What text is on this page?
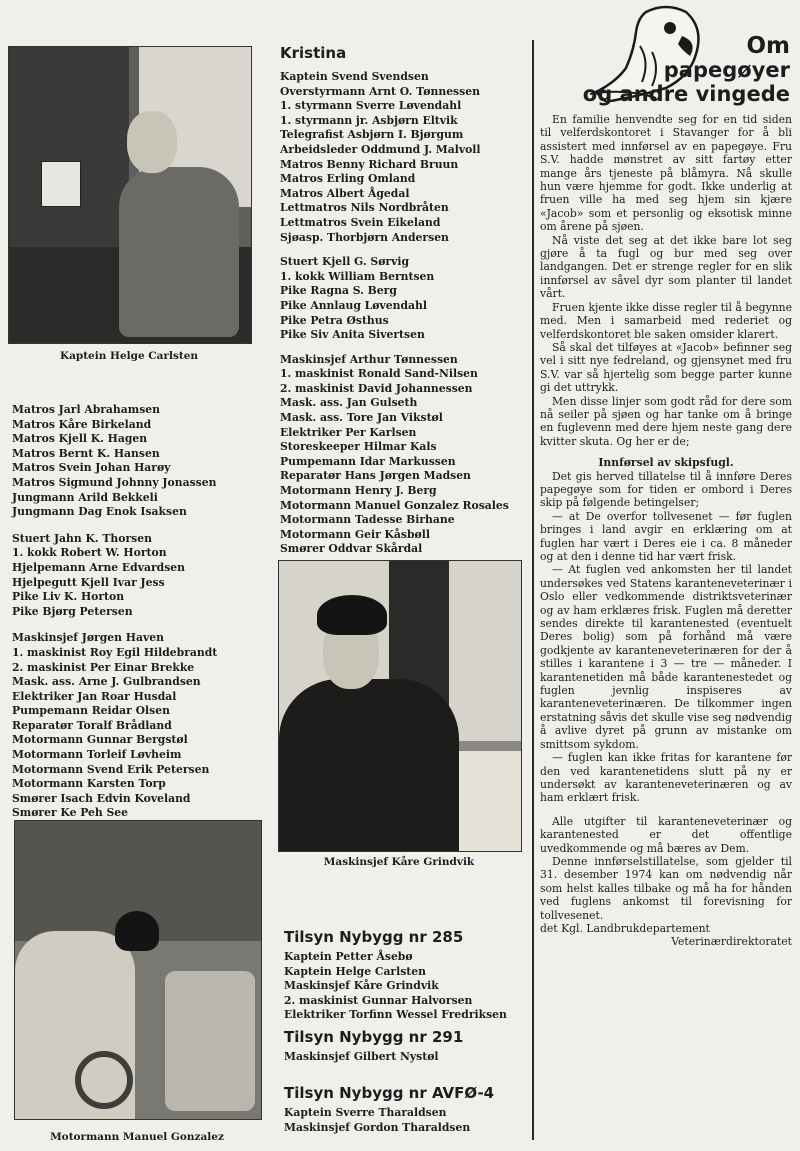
Kaptein Helge Carlsten
Matros Jarl Abrahamsen
Matros Kåre Birkeland
Matros Kjell K. Hagen
Matros Bernt K. Hansen
Matros Svein Johan Harøy
Matros Sigmund Johnny Jonassen
Jungmann Arild Bekkeli
Jungmann Dag Enok Isaksen
Stuert Jahn K. Thorsen
1. kokk Robert W. Horton
Hjelpemann Arne Edvardsen
Hjelpegutt Kjell Ivar Jess
Pike Liv K. Horton
Pike Bjørg Petersen
Maskinsjef Jørgen Haven
1. maskinist Roy Egil Hildebrandt
2. maskinist Per Einar Brekke
Mask. ass. Arne J. Gulbrandsen
Elektriker Jan Roar Husdal
Pumpemann Reidar Olsen
Reparatør Toralf Brådland
Motormann Gunnar Bergstøl
Motormann Torleif Løvheim
Motormann Svend Erik Petersen
Motormann Karsten Torp
Smører Isach Edvin Koveland
Smører Ke Peh See
Motormann Manuel Gonzalez
Kristina
Kaptein Svend Svendsen
Overstyrmann Arnt O. Tønnessen
1. styrmann Sverre Løvendahl
1. styrmann jr. Asbjørn Eltvik
Telegrafist Asbjørn I. Bjørgum
Arbeidsleder Oddmund J. Malvoll
Matros Benny Richard Bruun
Matros Erling Omland
Matros Albert Ågedal
Lettmatros Nils Nordbråten
Lettmatros Svein Eikeland
Sjøasp. Thorbjørn Andersen
Stuert Kjell G. Sørvig
1. kokk William Berntsen
Pike Ragna S. Berg
Pike Annlaug Løvendahl
Pike Petra Østhus
Pike Siv Anita Sivertsen
Maskinsjef Arthur Tønnessen
1. maskinist Ronald Sand-Nilsen
2. maskinist David Johannessen
Mask. ass. Jan Gulseth
Mask. ass. Tore Jan Vikstøl
Elektriker Per Karlsen
Storeskeeper Hilmar Kals
Pumpemann Idar Markussen
Reparatør Hans Jørgen Madsen
Motormann Henry J. Berg
Motormann Manuel Gonzalez Rosales
Motormann Tadesse Birhane
Motormann Geir Kåsbøll
Smører Oddvar Skårdal
Maskinsjef Kåre Grindvik
Tilsyn Nybygg nr 285
Kaptein Petter Åsebø
Kaptein Helge Carlsten
Maskinsjef Kåre Grindvik
2. maskinist Gunnar Halvorsen
Elektriker Torfinn Wessel Fredriksen
Tilsyn Nybygg nr 291
Maskinsjef Gilbert Nystøl
Tilsyn Nybygg nr AVFØ-4
Kaptein Sverre Tharaldsen
Maskinsjef Gordon Tharaldsen
Om
papegøyer
og andre vingede

En familie henvendte seg for en tid siden til velferdskontoret i Stavanger for å bli assistert med innførsel av en papegøye. Fru S.V. hadde mønstret av sitt fartøy etter mange års tjeneste på blåmyra. Nå skulle hun være hjemme for godt. Ikke underlig at fruen ville ha med seg hjem sin kjære «Jacob» som et personlig og eksotisk minne om årene på sjøen.

Nå viste det seg at det ikke bare lot seg gjøre å ta fugl og bur med seg over landgangen. Det er strenge regler for en slik innførsel av såvel dyr som planter til landet vårt.

Fruen kjente ikke disse regler til å begynne med. Men i samarbeid med rederiet og velferdskontoret ble saken omsider klarert.

Så skal det tilføyes at «Jacob» befinner seg vel i sitt nye fedreland, og gjensynet med fru S.V. var så hjertelig som begge parter kunne gi det uttrykk.

Men disse linjer som godt råd for dere som nå seiler på sjøen og har tanke om å bringe en fuglevenn med dere hjem neste gang dere kvitter skuta. Og her er de;

Innførsel av skipsfugl.

Det gis herved tillatelse til å innføre Deres papegøye som for tiden er ombord i Deres skip på følgende betingelser;

— at De overfor tollvesenet — før fuglen bringes i land avgir en erklæring om at fuglen har vært i Deres eie i ca. 8 måneder og at den i denne tid har vært frisk.

— At fuglen ved ankomsten her til landet undersøkes ved Statens karanteneveterinær i Oslo eller vedkommende distriktsveterinær og av ham erklæres frisk. Fuglen må deretter sendes direkte til karantenested (eventuelt Deres bolig) som på forhånd må være godkjente av karanteneveterinæren for der å stilles i karantene i 3 — tre — måneder. I karantenetiden må både karantenestedet og fuglen jevnlig inspiseres av karanteneveterinæren. De tilkommer ingen erstatning såvis det skulle vise seg nødvendig å avlive dyret på grunn av mistanke om smittsom sykdom.

— fuglen kan ikke fritas for karantene før den ved karantenetidens slutt på ny er undersøkt av karanteneveterinæren og av ham erklært frisk.

Alle utgifter til karanteneveterinær og karantenested er det offentlige uvedkommende og må bæres av Dem.

Denne innførselstillatelse, som gjelder til 31. desember 1974 kan om nødvendig når som helst kalles tilbake og må ha for hånden ved fuglens ankomst til forevisning for tollvesenet.

det Kgl. Landbrukdepartement

Veterinærdirektoratet
